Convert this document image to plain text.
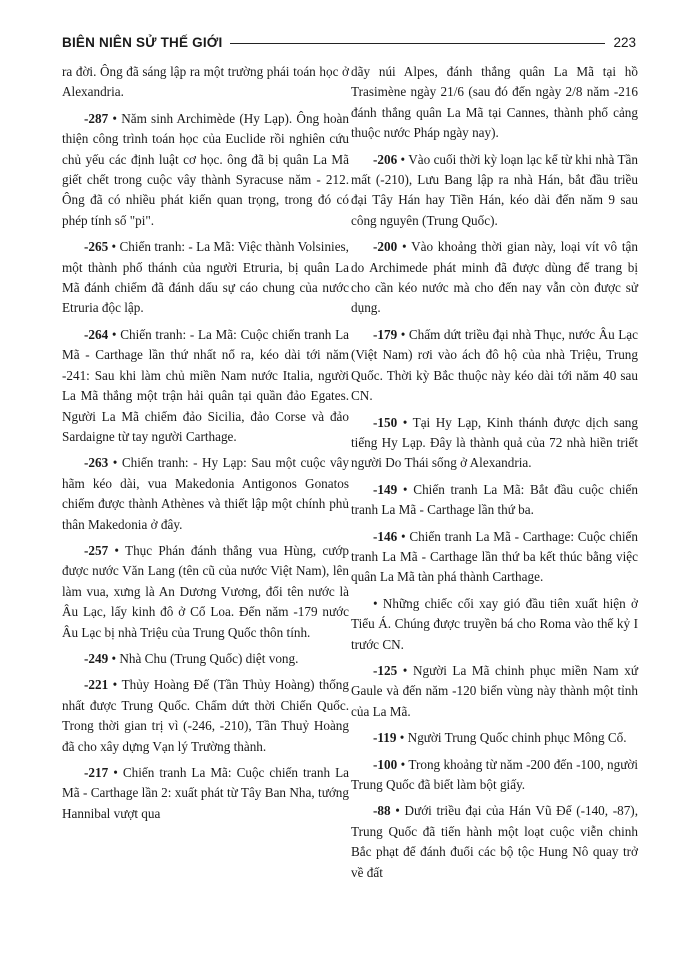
BIÊN NIÊN SỬ THẾ GIỚI	223

ra đời. Ông đã sáng lập ra một trường phái toán học ở Alexandria.

-287 • Năm sinh Archimède (Hy Lạp). Ông hoàn thiện công trình toán học của Euclide rồi nghiên cứu chủ yếu các định luật cơ học. ông đã bị quân La Mã giết chết trong cuộc vây thành Syracuse năm - 212. Ông đã có nhiều phát kiến quan trọng, trong đó có phép tính số "pi".

-265 • Chiến tranh: - La Mã: Việc thành Volsinies, một thành phố thánh của người Etruria, bị quân La Mã đánh chiếm đã đánh dấu sự cáo chung của nước Etruria độc lập.

-264 • Chiến tranh: - La Mã: Cuộc chiến tranh La Mã - Carthage lần thứ nhất nổ ra, kéo dài tới năm -241: Sau khi làm chủ miền Nam nước Italia, người La Mã thắng một trận hải quân tại quần đảo Egates. Người La Mã chiếm đảo Sicilia, đảo Corse và đảo Sardaigne từ tay người Carthage.

-263 • Chiến tranh: - Hy Lạp: Sau một cuộc vây hãm kéo dài, vua Makedonia Antigonos Gonatos chiếm được thành Athènes và thiết lập một chính phủ thân Makedonia ở đây.

-257 • Thục Phán đánh thắng vua Hùng, cướp được nước Văn Lang (tên cũ của nước Việt Nam), lên làm vua, xưng là An Dương Vương, đổi tên nước là Âu Lạc, lấy kinh đô ở Cổ Loa. Đến năm -179 nước Âu Lạc bị nhà Triệu của Trung Quốc thôn tính.

-249 • Nhà Chu (Trung Quốc) diệt vong.

-221 • Thủy Hoàng Đế (Tần Thủy Hoàng) thống nhất được Trung Quốc. Chấm dứt thời Chiến Quốc. Trong thời gian trị vì (-246, -210), Tần Thuỷ Hoàng đã cho xây dựng Vạn lý Trường thành.

-217 • Chiến tranh La Mã: Cuộc chiến tranh La Mã - Carthage lần 2: xuất phát từ Tây Ban Nha, tướng Hannibal vượt qua

dãy núi Alpes, đánh thắng quân La Mã tại hồ Trasimène ngày 21/6 (sau đó đến ngày 2/8 năm -216 đánh thắng quân La Mã tại Cannes, thành phố cảng thuộc nước Pháp ngày nay).

-206 • Vào cuối thời kỳ loạn lạc kể từ khi nhà Tần mất (-210), Lưu Bang lập ra nhà Hán, bắt đầu triều đại Tây Hán hay Tiền Hán, kéo dài đến năm 9 sau công nguyên (Trung Quốc).

-200 • Vào khoảng thời gian này, loại vít vô tận do Archimede phát minh đã được dùng để trang bị cho cần kéo nước mà cho đến nay vẫn còn được sử dụng.

-179 • Chấm dứt triều đại nhà Thục, nước Âu Lạc (Việt Nam) rơi vào ách đô hộ của nhà Triệu, Trung Quốc. Thời kỳ Bắc thuộc này kéo dài tới năm 40 sau CN.

-150 • Tại Hy Lạp, Kinh thánh được dịch sang tiếng Hy Lạp. Đây là thành quả của 72 nhà hiền triết người Do Thái sống ở Alexandria.

-149 • Chiến tranh La Mã: Bắt đầu cuộc chiến tranh La Mã - Carthage lần thứ ba.

-146 • Chiến tranh La Mã - Carthage: Cuộc chiến tranh La Mã - Carthage lần thứ ba kết thúc bằng việc quân La Mã tàn phá thành Carthage.

• Những chiếc cối xay gió đầu tiên xuất hiện ở Tiểu Á. Chúng được truyền bá cho Roma vào thế kỷ I trước CN.

-125 • Người La Mã chinh phục miền Nam xứ Gaule và đến năm -120 biến vùng này thành một tỉnh của La Mã.

-119 • Người Trung Quốc chinh phục Mông Cổ.

-100 • Trong khoảng từ năm -200 đến -100, người Trung Quốc đã biết làm bột giấy.

-88 • Dưới triều đại của Hán Vũ Đế (-140, -87), Trung Quốc đã tiến hành một loạt cuộc viễn chinh Bắc phạt để đánh đuổi các bộ tộc Hung Nô quay trở về đất
